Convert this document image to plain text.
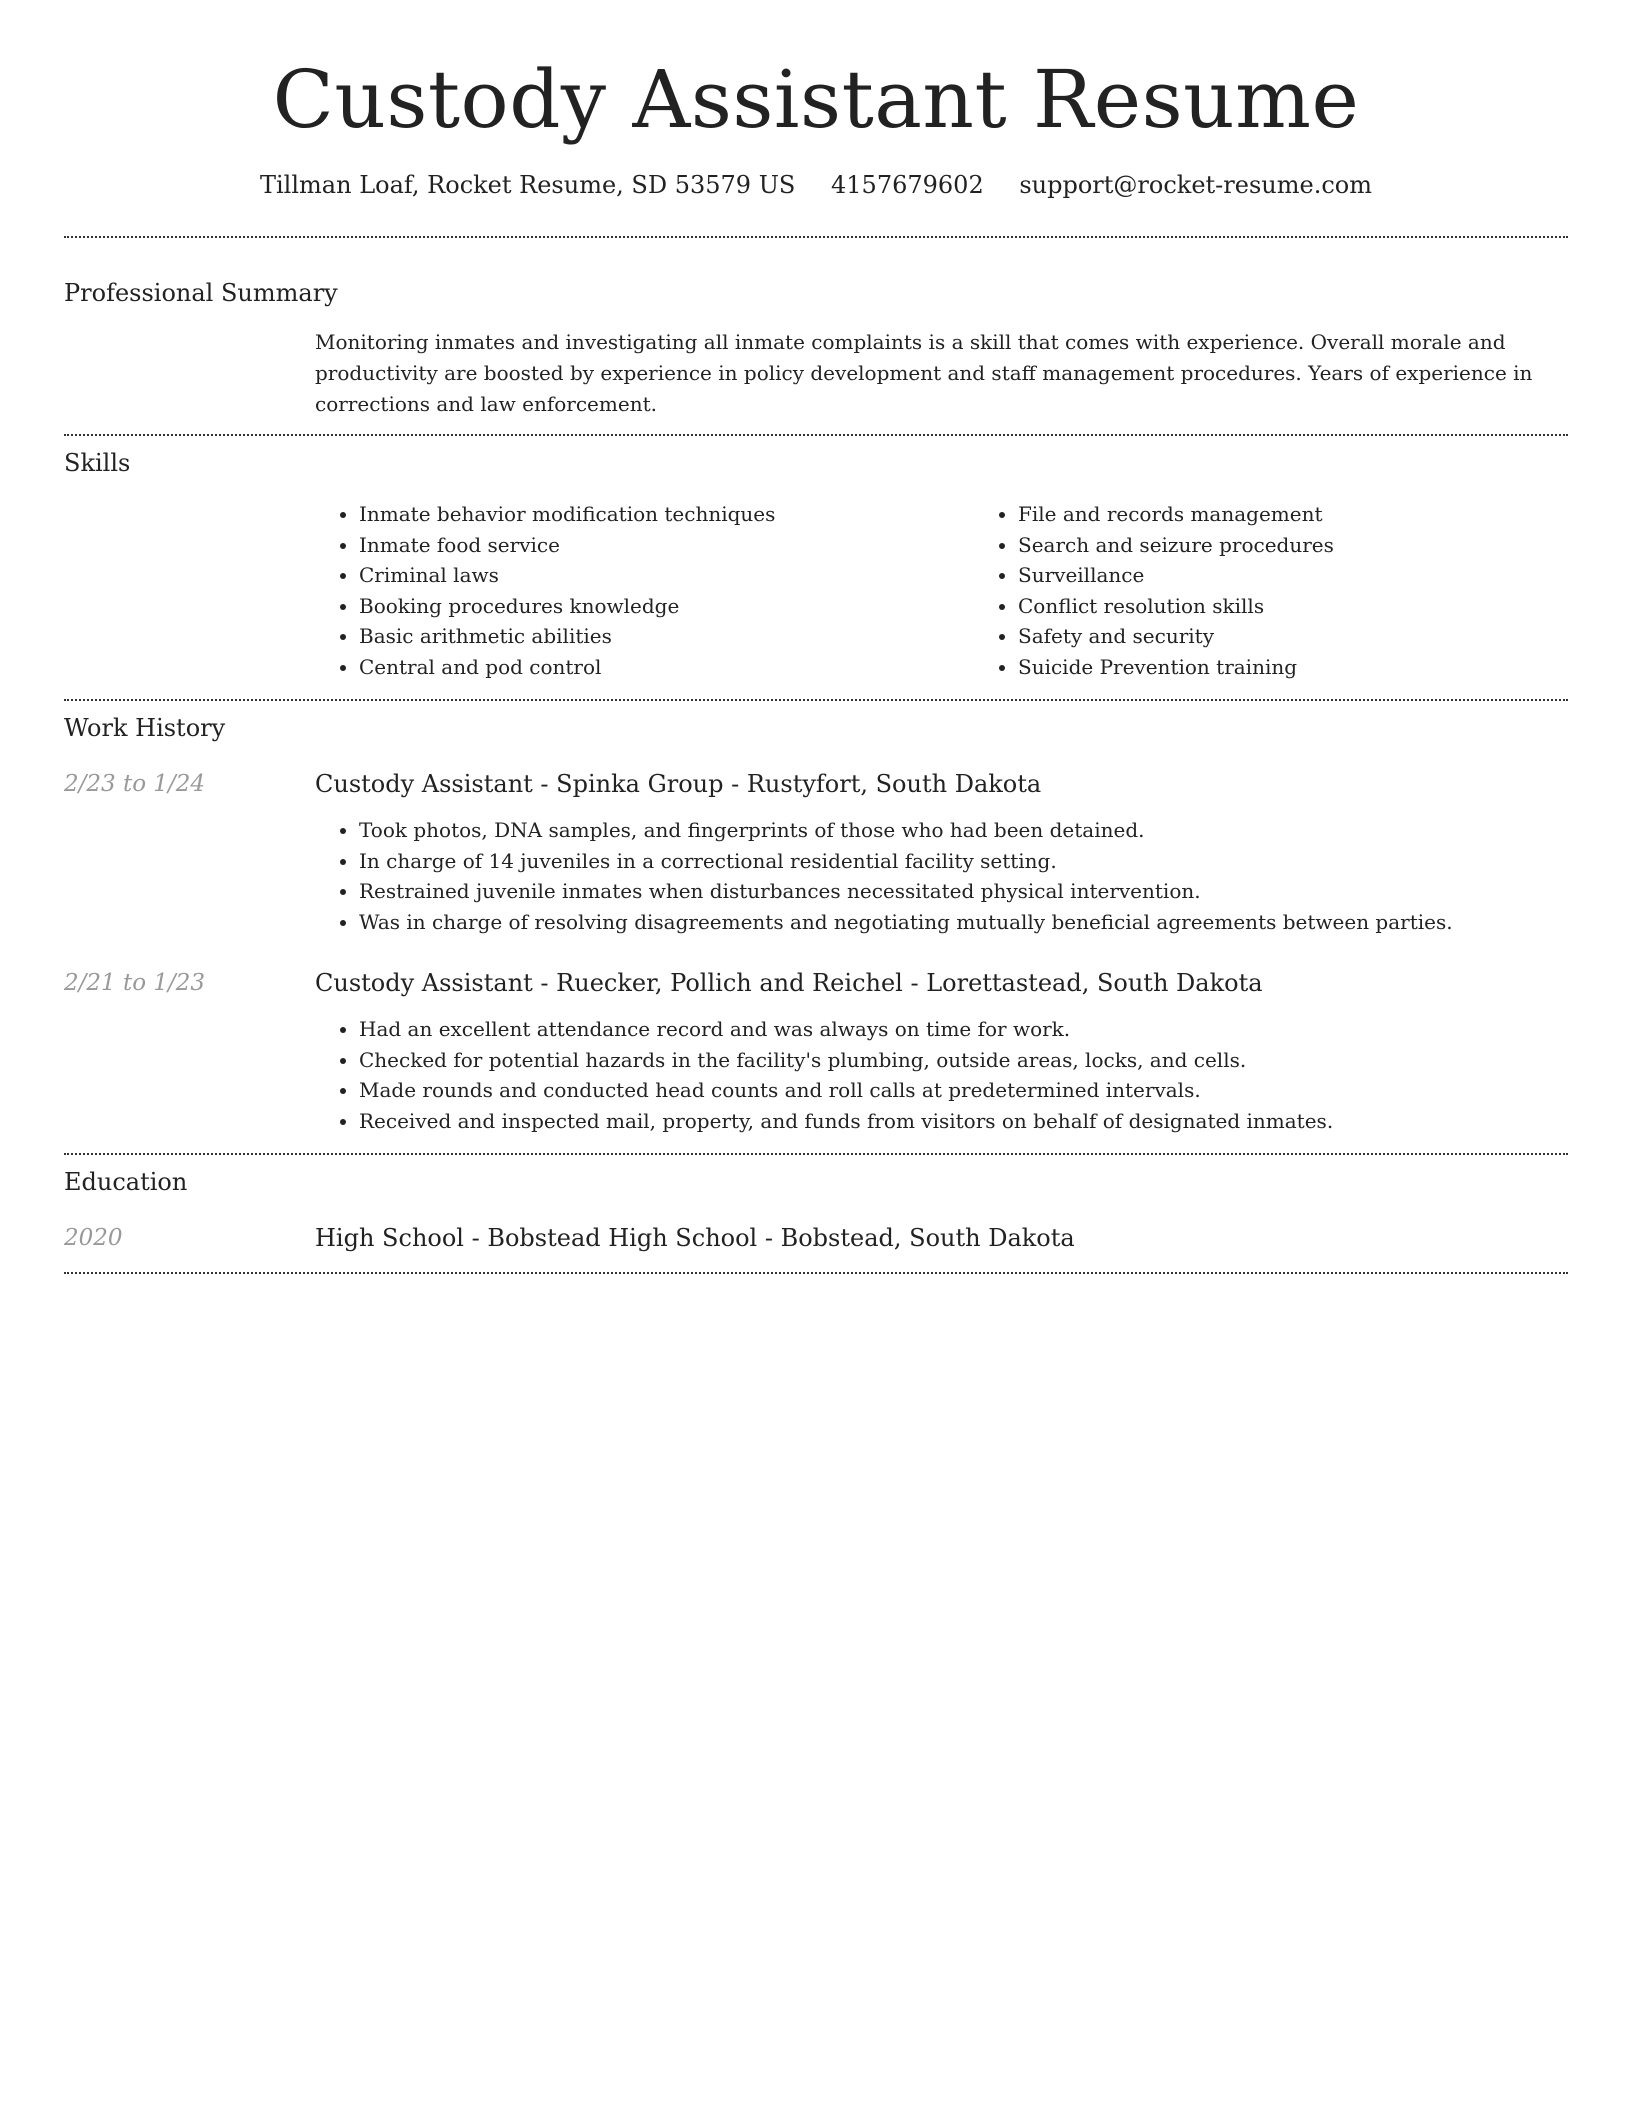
Custody Assistant Resume
Tillman Loaf, Rocket Resume, SD 53579 US 4157679602 support@rocket-resume.com
Professional Summary

Monitoring inmates and investigating all inmate complaints is a skill that comes with experience. Overall morale and productivity are boosted by experience in policy development and staff management procedures. Years of experience in corrections and law enforcement.

Skills
• Inmate behavior modification techniques
• Inmate food service
• Criminal laws
• Booking procedures knowledge
• Basic arithmetic abilities
• Central and pod control
• File and records management
• Search and seizure procedures
• Surveillance
• Conflict resolution skills
• Safety and security
• Suicide Prevention training
Work History
2/23 to 1/24	Custody Assistant - Spinka Group - Rustyfort, South Dakota
• Took photos, DNA samples, and fingerprints of those who had been detained.
• In charge of 14 juveniles in a correctional residential facility setting.
• Restrained juvenile inmates when disturbances necessitated physical intervention.
• Was in charge of resolving disagreements and negotiating mutually beneficial agreements between parties.
2/21 to 1/23	Custody Assistant - Ruecker, Pollich and Reichel - Lorettastead, South Dakota
• Had an excellent attendance record and was always on time for work.
• Checked for potential hazards in the facility's plumbing, outside areas, locks, and cells.
• Made rounds and conducted head counts and roll calls at predetermined intervals.
• Received and inspected mail, property, and funds from visitors on behalf of designated inmates.
Education
2020	High School - Bobstead High School - Bobstead, South Dakota
